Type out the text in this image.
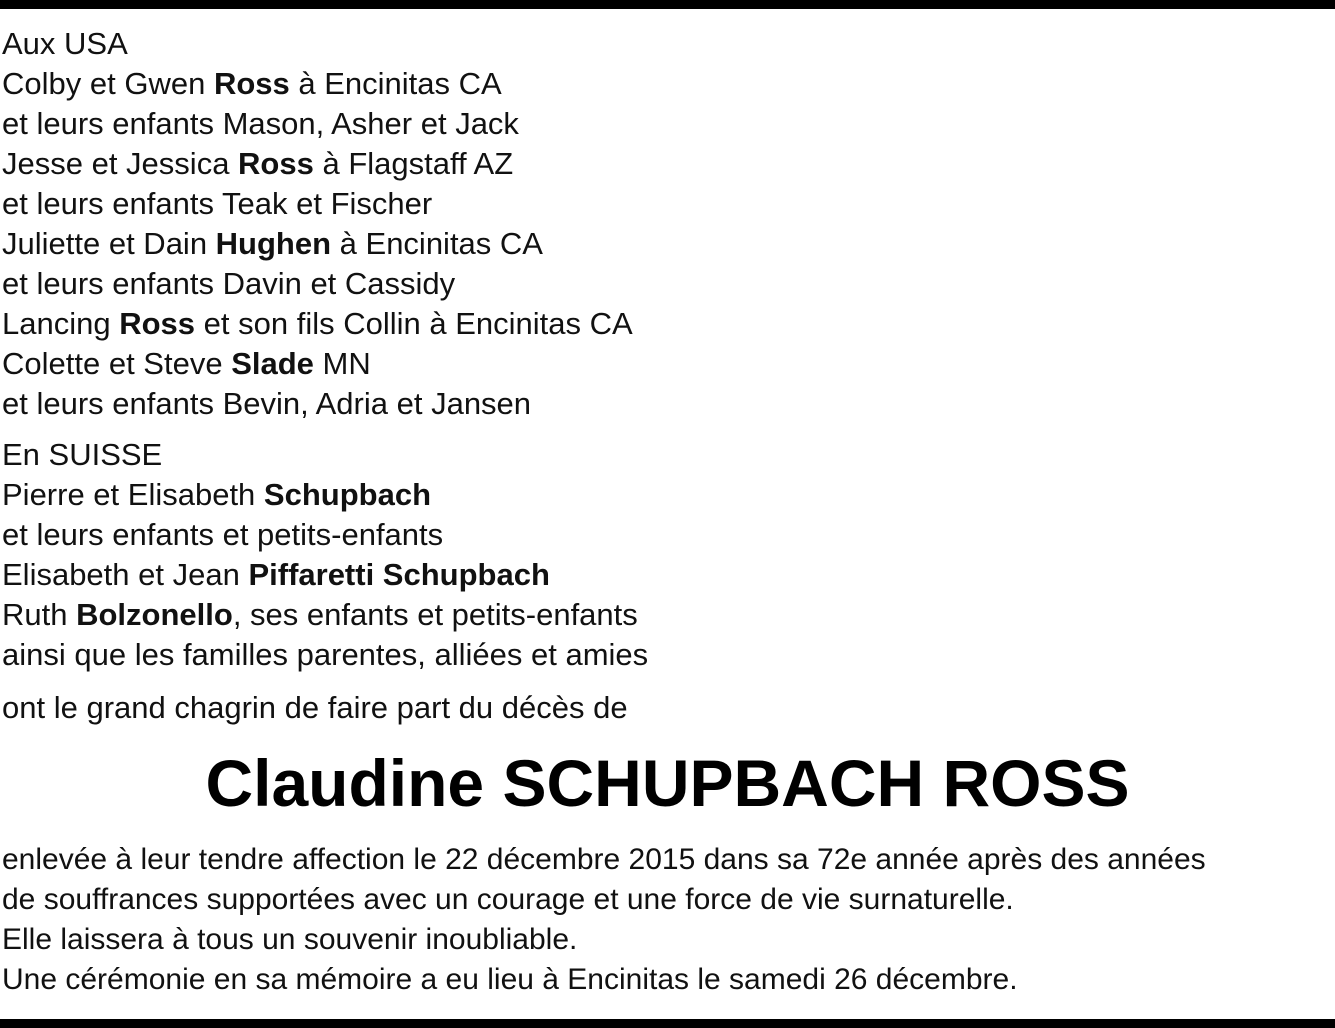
Aux USA
Colby et Gwen Ross à Encinitas CA
et leurs enfants Mason, Asher et Jack
Jesse et Jessica Ross à Flagstaff AZ
et leurs enfants Teak et Fischer
Juliette et Dain Hughen à Encinitas CA
et leurs enfants Davin et Cassidy
Lancing Ross et son fils Collin à Encinitas CA
Colette et Steve Slade MN
et leurs enfants Bevin, Adria et Jansen
En SUISSE
Pierre et Elisabeth Schupbach
et leurs enfants et petits-enfants
Elisabeth et Jean Piffaretti Schupbach
Ruth Bolzonello, ses enfants et petits-enfants
ainsi que les familles parentes, alliées et amies
ont le grand chagrin de faire part du décès de
Claudine SCHUPBACH ROSS
enlevée à leur tendre affection le 22 décembre 2015 dans sa 72e année après des années
de souffrances supportées avec un courage et une force de vie surnaturelle.
Elle laissera à tous un souvenir inoubliable.
Une cérémonie en sa mémoire a eu lieu à Encinitas le samedi 26 décembre.
